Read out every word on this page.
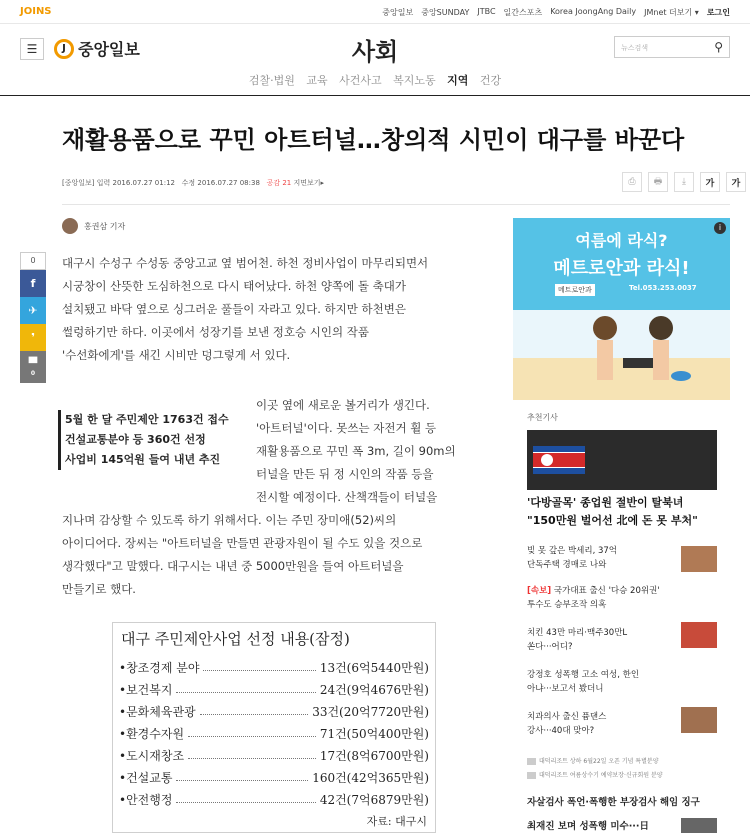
JOINS	중앙일보 중앙SUNDAY JTBC 일간스포츠 Korea JoongAng Daily JMnet 더보기 ▾ 로그인
☰	J 중앙일보	사회
검찰·법원 교육 사건사고 복지노동 지역 건강
뉴스검색	⚲
재활용품으로 꾸민 아트터널…창의적 시민이 대구를 바꾼다
[중앙일보] 입력 2016.07.27 01:12 수정 2016.07.27 08:38 공감 21 지면보기▸	⎙	🖶	⤓	가	가
홍권삼 기자
0
f
✈
❜
▀
0

대구시 수성구 수성동 중앙고교 옆 범어천. 하천 정비사업이 마무리되면서

시궁창이 산뜻한 도심하천으로 다시 태어났다. 하천 양쪽에 돌 축대가

설치됐고 바닥 옆으로 싱그러운 풀들이 자라고 있다. 하지만 하천변은

썰렁하기만 하다. 이곳에서 성장기를 보낸 정호승 시인의 작품

'수선화에게'를 새긴 시비만 덩그렇게 서 있다.

이곳 옆에 새로운 볼거리가 생긴다.

'아트터널'이다. 못쓰는 자전거 휠 등

재활용품으로 꾸민 폭 3m, 길이 90m의

터널을 만든 뒤 정 시인의 작품 등을

전시할 예정이다. 산책객들이 터널을

지나며 감상할 수 있도록 하기 위해서다. 이는 주민 장미애(52)씨의

아이디어다. 장씨는 "아트터널을 만들면 관광자원이 될 수도 있을 것으로

생각했다"고 말했다. 대구시는 내년 중 5000만원을 들여 아트터널을

만들기로 했다.

5월 한 달 주민제안 1763건 접수
건설교통분야 등 360건 선정
사업비 145억원 들여 내년 추진
대구 주민제안사업 선정 내용(잠정)
•창조경제 분야	13건(6억5440만원)
•보건복지	24건(9억4676만원)
•문화체육관광	33건(20억7720만원)
•환경수자원	71건(50억400만원)
•도시재창조	17건(8억6700만원)
•건설교통	160건(42억365만원)
•안전행정	42건(7억6879만원)
자료: 대구시
i
여름에 라식?
메트로안과 라식!
메트로안과	Tel.053.253.0037
추천기사
'다방골목' 종업원 절반이 탈북녀
"150만원 벌어선 北에 돈 못 부처"
빚 못 갚은 박세리, 37억
단독주택 경매로 나와
[속보] 국가대표 출신 '다승 20위권'
투수도 승부조작 의혹
치킨 43만 마리·맥주30만L
쏜다···어디?
강정호 성폭행 고소 여성, 한인
아냐···보고서 봤더니
치과의사 출신 퓸댄스
강사···40대 맞아?
대덕리조트 상하 6월22일 오픈 기념 특별분양
대덕리조트 여름상수기 예약보장·신규회원 분양
자살검사 폭언·폭행한 부장검사 해임 징구
최재진 보며 성폭행 미수···日
